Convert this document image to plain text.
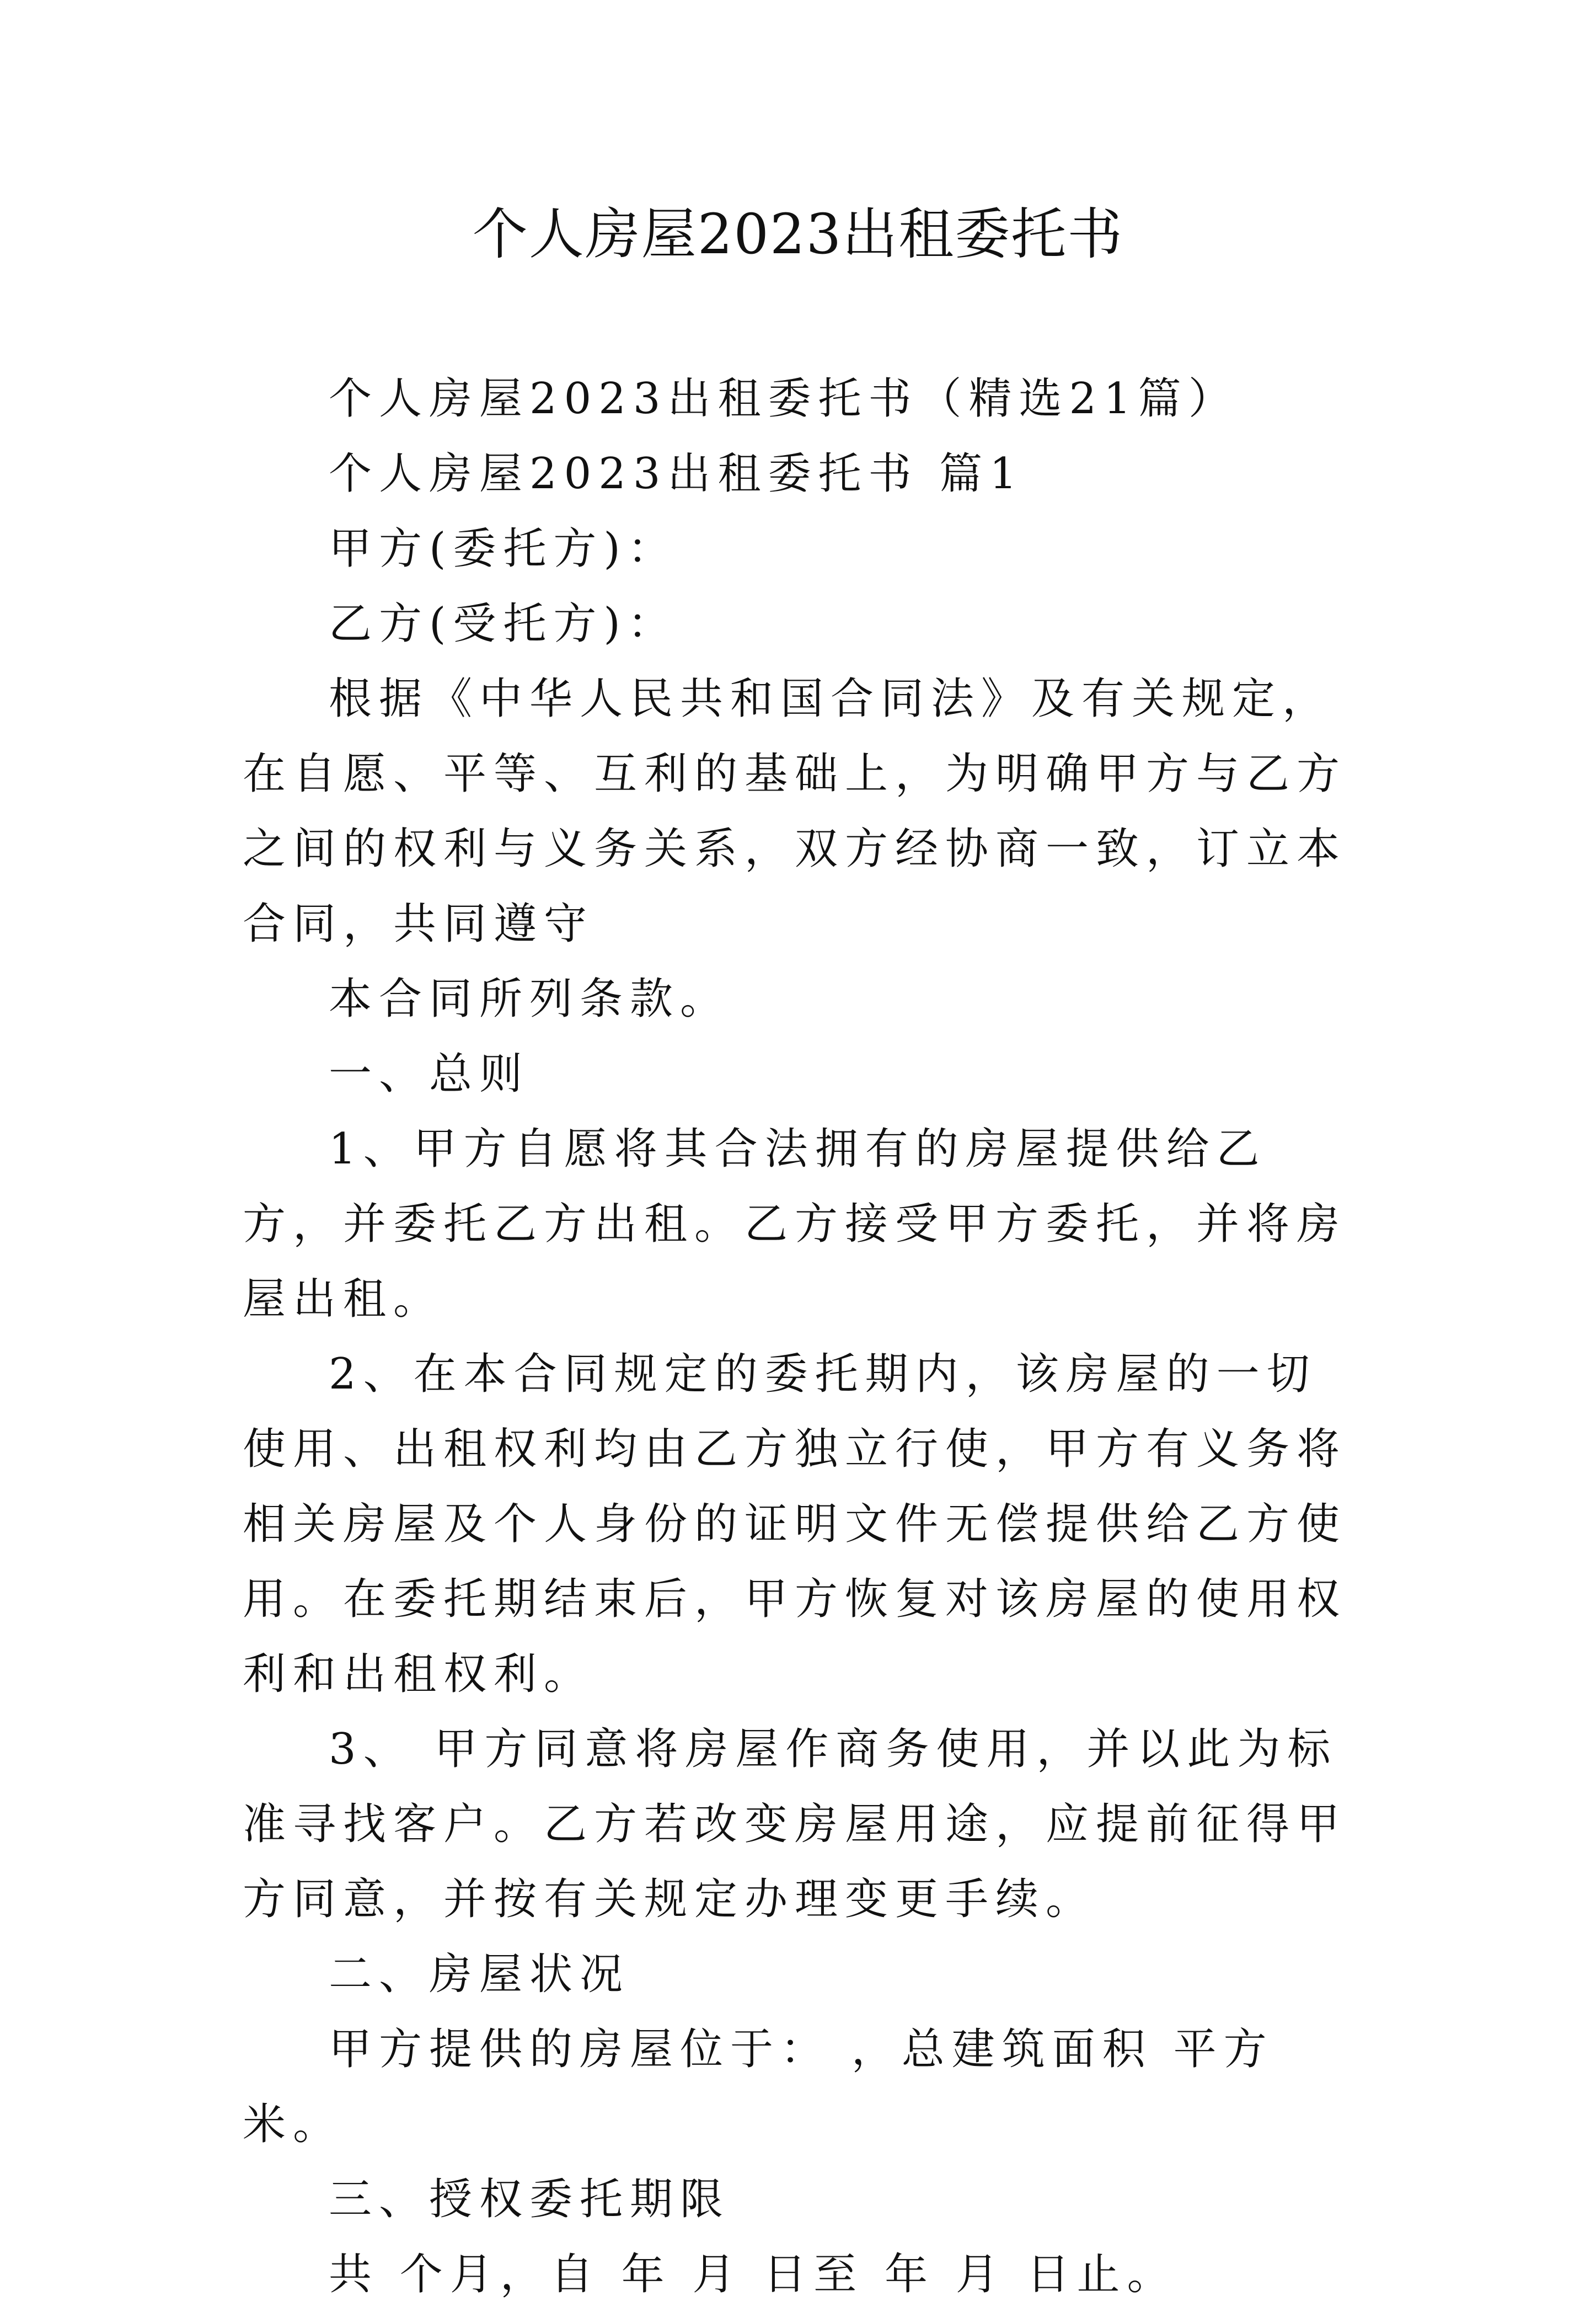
个人房屋2023出租委托书

个人房屋2023出租委托书（精选21篇）

个人房屋2023出租委托书 篇1

甲方(委托方)：

乙方(受托方)：

根据《中华人民共和国合同法》及有关规定，在自愿、平等、互利的基础上，为明确甲方与乙方之间的权利与义务关系，双方经协商一致，订立本合同，共同遵守

本合同所列条款。

一、总则

1、甲方自愿将其合法拥有的房屋提供给乙方，并委托乙方出租。乙方接受甲方委托，并将房屋出租。

2、在本合同规定的委托期内，该房屋的一切使用、出租权利均由乙方独立行使，甲方有义务将相关房屋及个人身份的证明文件无偿提供给乙方使用。在委托期结束后，甲方恢复对该房屋的使用权利和出租权利。

3、 甲方同意将房屋作商务使用，并以此为标准寻找客户。乙方若改变房屋用途，应提前征得甲方同意，并按有关规定办理变更手续。

二、房屋状况

甲方提供的房屋位于： ，总建筑面积 平方米。

三、授权委托期限

共 个月，自 年 月 日至 年 月 日止。
